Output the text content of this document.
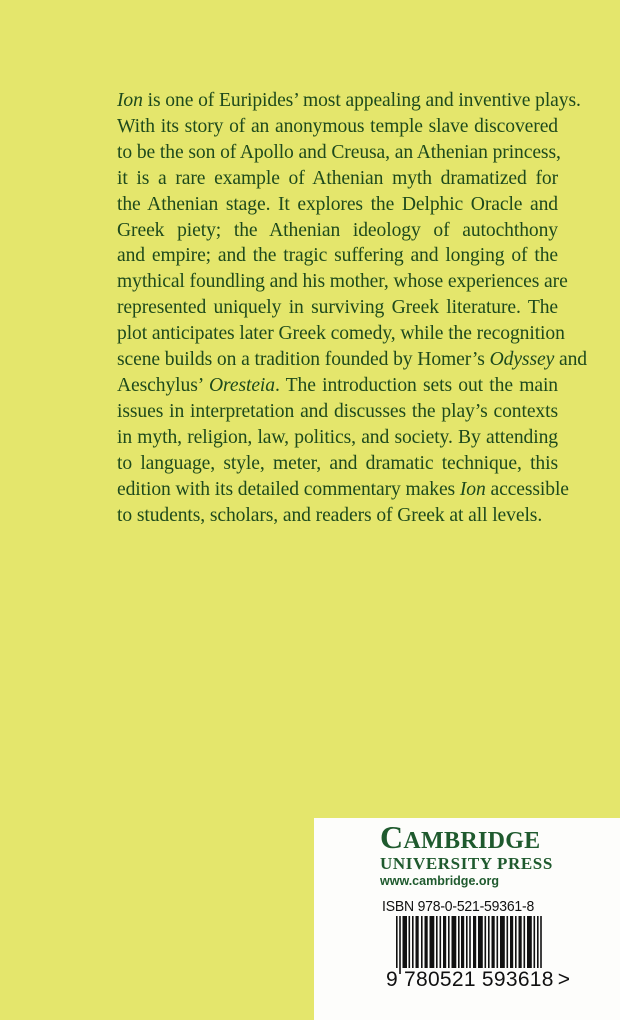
Ion is one of Euripides’ most appealing and inventive plays.
With its story of an anonymous temple slave discovered
to be the son of Apollo and Creusa, an Athenian princess,
it is a rare example of Athenian myth dramatized for
the Athenian stage. It explores the Delphic Oracle and
Greek piety; the Athenian ideology of autochthony
and empire; and the tragic suffering and longing of the
mythical foundling and his mother, whose experiences are
represented uniquely in surviving Greek literature. The
plot anticipates later Greek comedy, while the recognition
scene builds on a tradition founded by Homer’s Odyssey and
Aeschylus’ Oresteia. The introduction sets out the main
issues in interpretation and discusses the play’s contexts
in myth, religion, law, politics, and society. By attending
to language, style, meter, and dramatic technique, this
edition with its detailed commentary makes Ion accessible
to students, scholars, and readers of Greek at all levels.
CAMBRIDGE
UNIVERSITY PRESS
www.cambridge.org
ISBN 978-0-521-59361-8
9 780521 593618 >
